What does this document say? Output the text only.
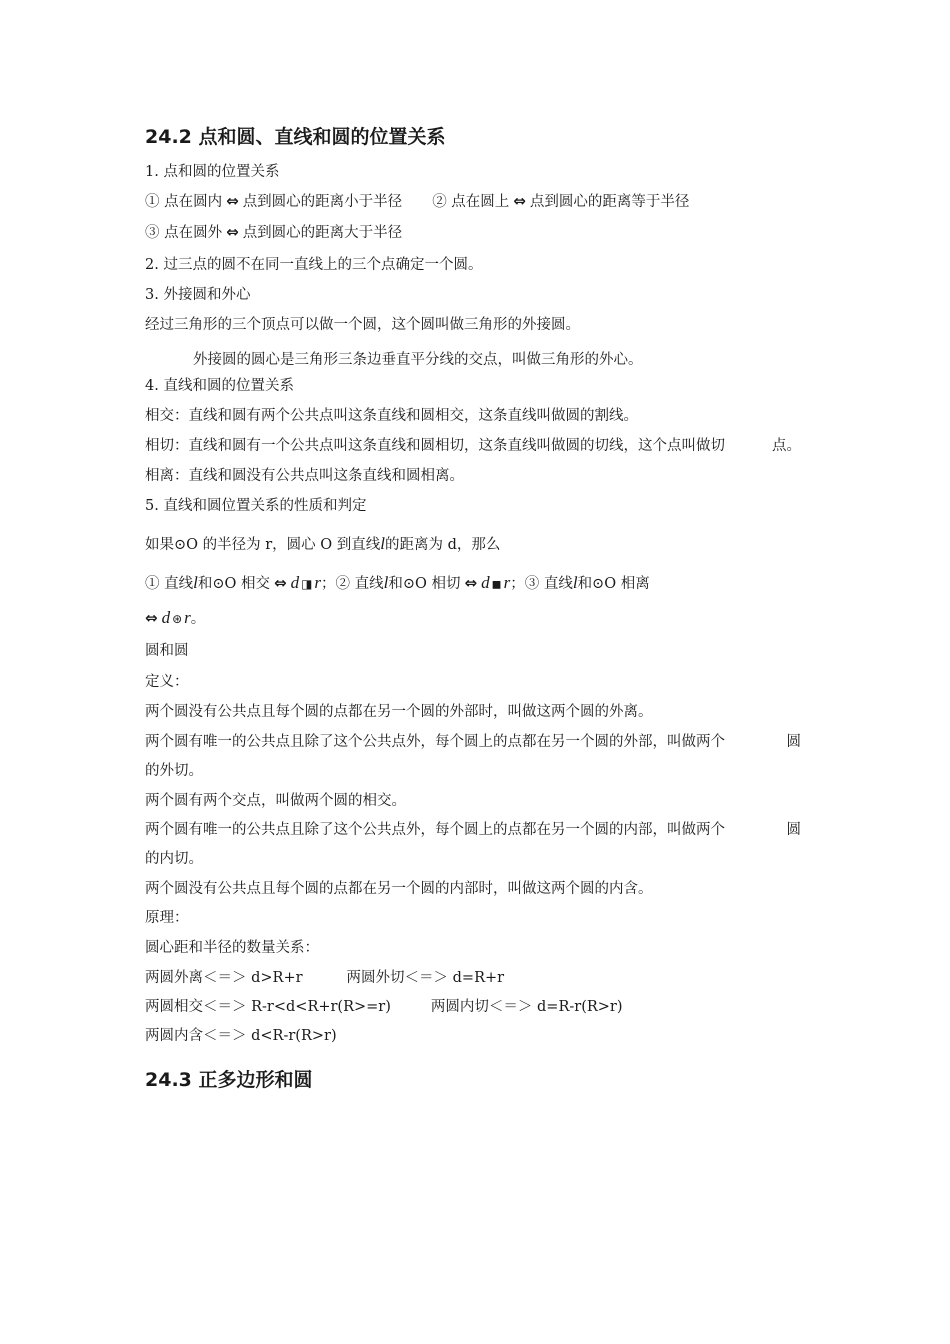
24.2 点和圆、直线和圆的位置关系
1. 点和圆的位置关系
① 点在圆内 ⇔ 点到圆心的距离小于半径 ② 点在圆上 ⇔ 点到圆心的距离等于半径
③ 点在圆外 ⇔ 点到圆心的距离大于半径
2. 过三点的圆不在同一直线上的三个点确定一个圆。
3. 外接圆和外心
经过三角形的三个顶点可以做一个圆，这个圆叫做三角形的外接圆。
外接圆的圆心是三角形三条边垂直平分线的交点，叫做三角形的外心。
4. 直线和圆的位置关系
相交：直线和圆有两个公共点叫这条直线和圆相交，这条直线叫做圆的割线。
相切：直线和圆有一个公共点叫这条直线和圆相切，这条直线叫做圆的切线，这个点叫做切	点。
相离：直线和圆没有公共点叫这条直线和圆相离。
5. 直线和圆位置关系的性质和判定
如果⊙O 的半径为 r，圆心 O 到直线l的距离为 d，那么
① 直线l和⊙O 相交 ⇔ d ◨ r；② 直线l和⊙O 相切 ⇔ d ◼ r；③ 直线l和⊙O 相离
⇔ d ⊛ r。
圆和圆
定义：
两个圆没有公共点且每个圆的点都在另一个圆的外部时，叫做这两个圆的外离。
两个圆有唯一的公共点且除了这个公共点外，每个圆上的点都在另一个圆的外部，叫做两个	圆
的外切。
两个圆有两个交点，叫做两个圆的相交。
两个圆有唯一的公共点且除了这个公共点外，每个圆上的点都在另一个圆的内部，叫做两个	圆
的内切。
两个圆没有公共点且每个圆的点都在另一个圆的内部时，叫做这两个圆的内含。
原理：
圆心距和半径的数量关系：
两圆外离＜＝＞ d>R+r	两圆外切＜＝＞ d=R+r
两圆相交＜＝＞ R-r<d<R+r(R>=r)	两圆内切＜＝＞ d=R-r(R>r)
两圆内含＜＝＞ d<R-r(R>r)
24.3 正多边形和圆
